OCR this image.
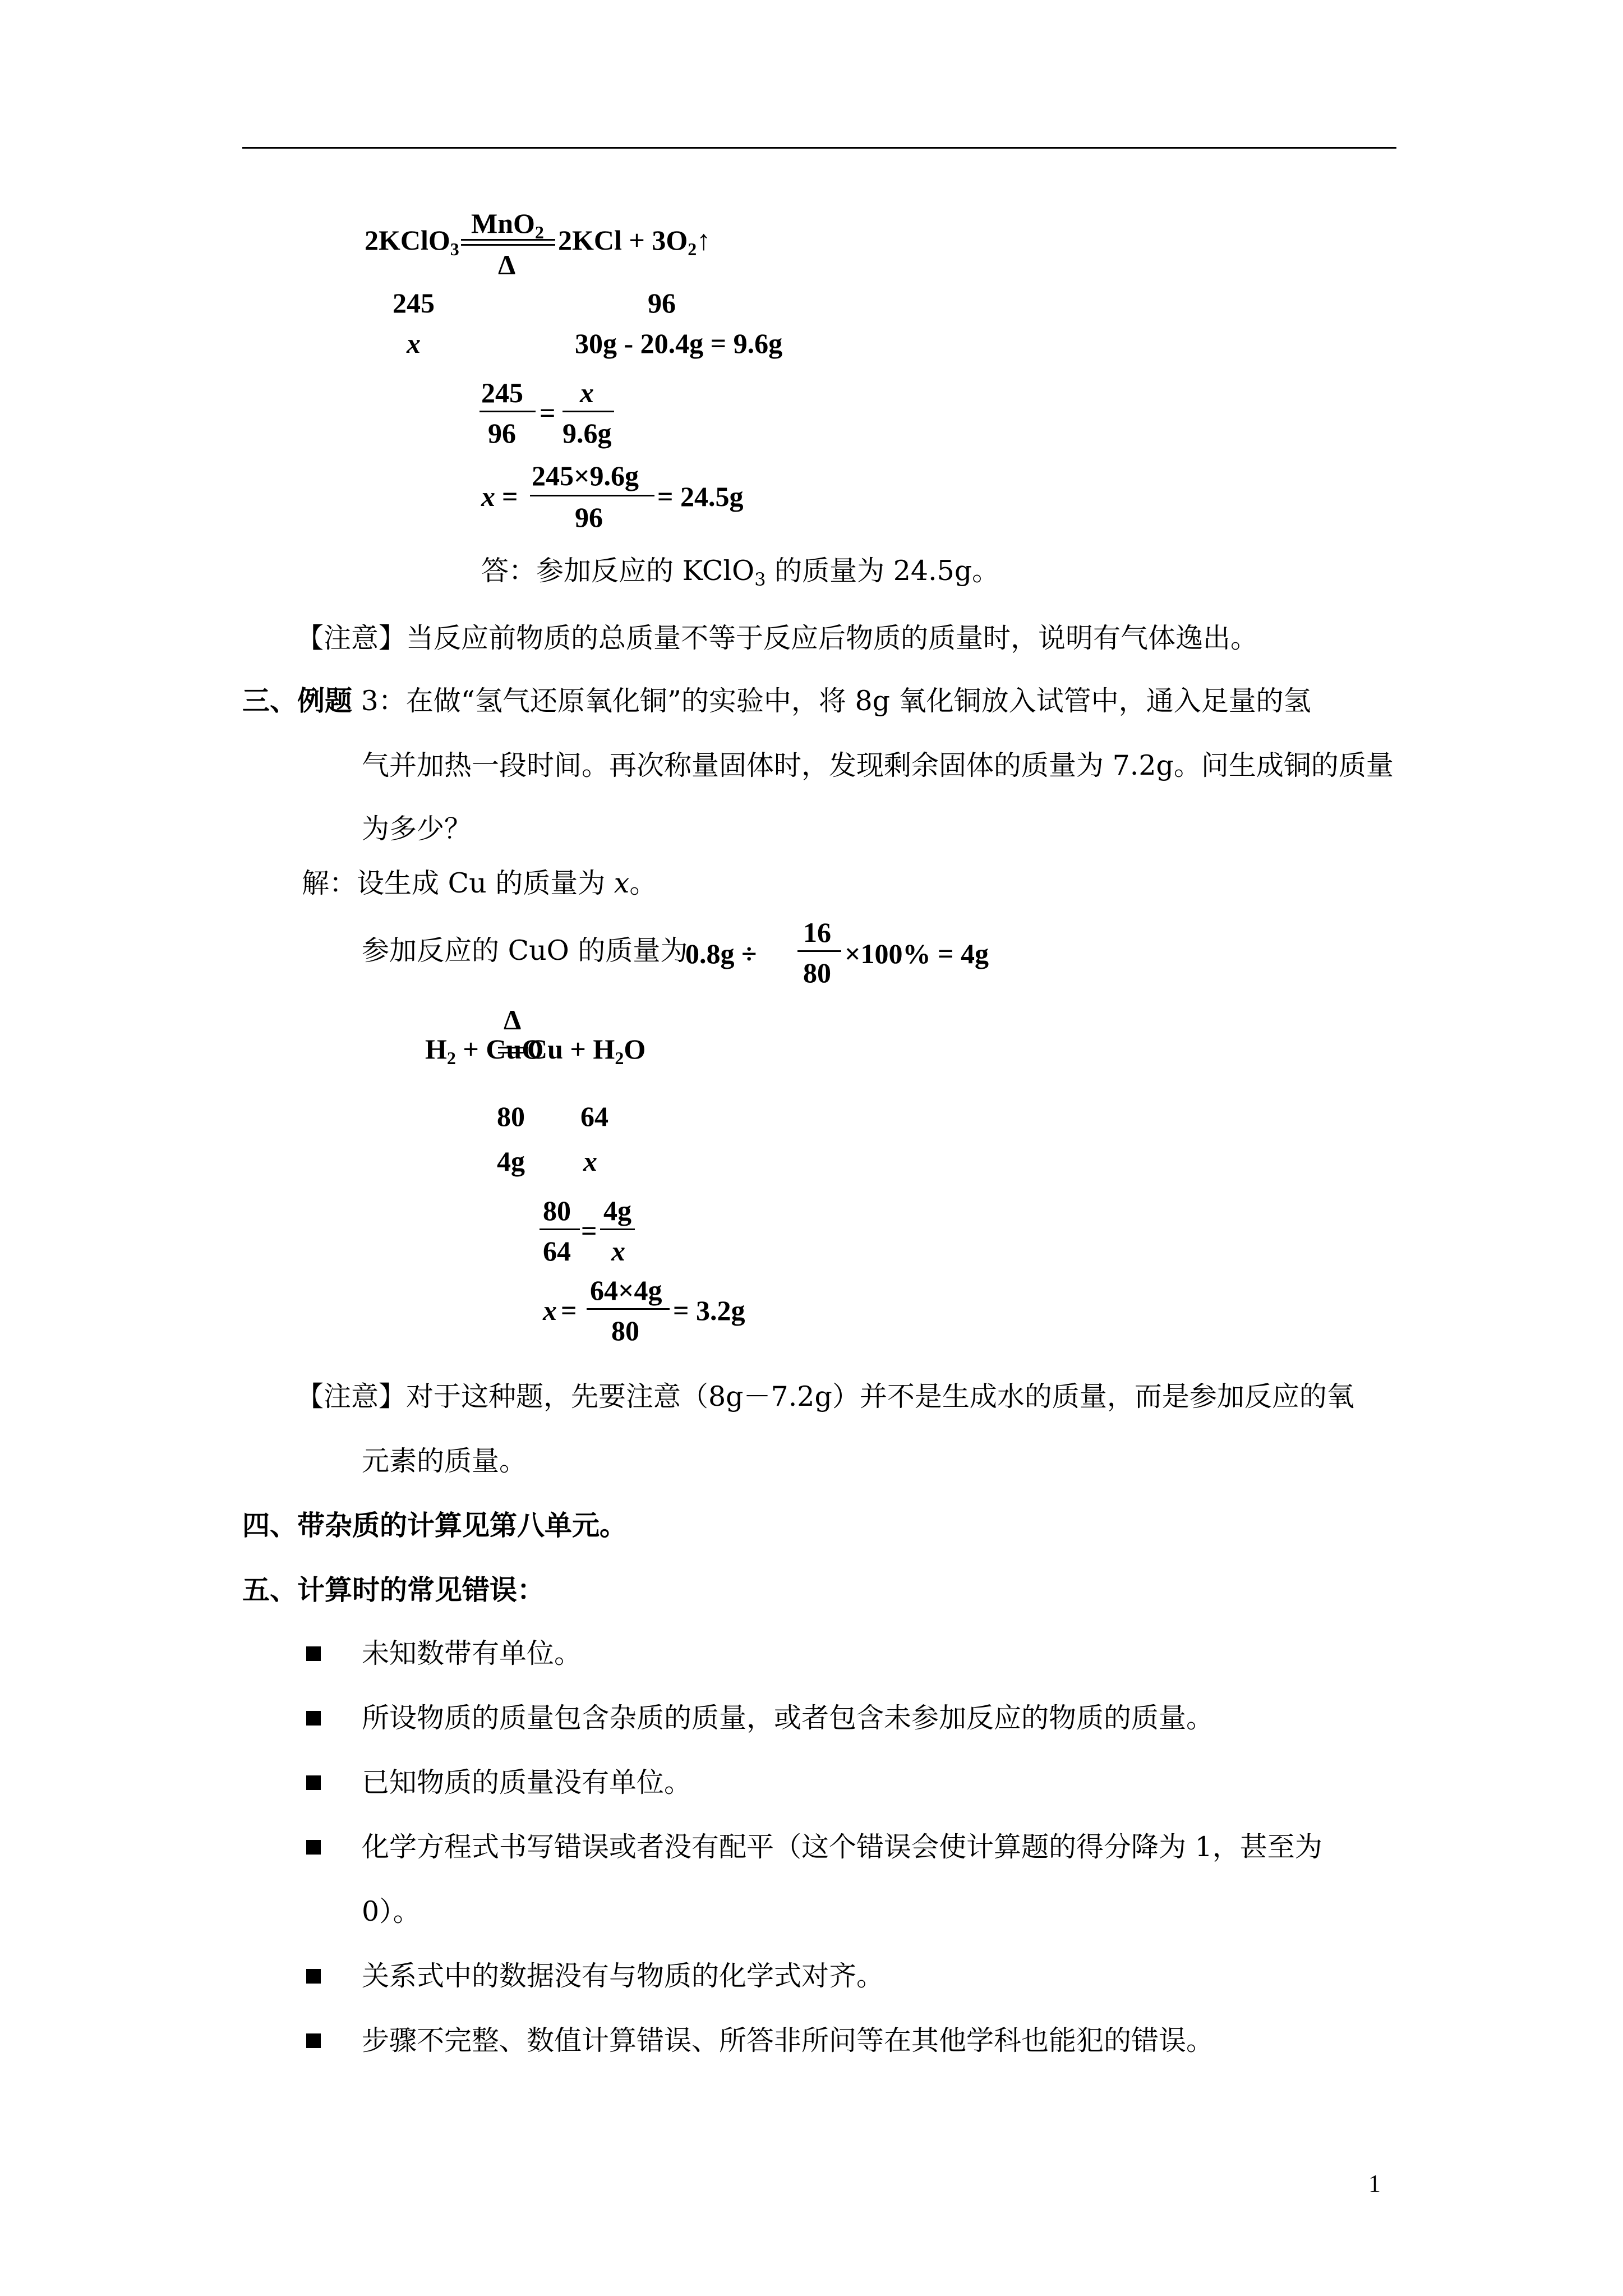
2KClO$_3$
MnO$_2$
Δ
$2KCl + 3O_2↑$
245	96
x	30g - 20.4g = 9.6g
245
96
=
x
9.6g
x =
245×9.6g
96
= 24.5g
答：参加反应的 KClO$_3$ 的质量为 24.5g。
【注意】当反应前物质的总质量不等于反应后物质的质量时，说明有气体逸出。
三、例题 3：在做“氢气还原氧化铜”的实验中，将 8g 氧化铜放入试管中，通入足量的氢
气并加热一段时间。再次称量固体时，发现剩余固体的质量为 7.2g。问生成铜的质量
为多少？
解：设生成 Cu 的质量为 x。
参加反应的 CuO 的质量为
0.8g ÷
16
80
×100% = 4g
$H_2$ + CuO
Δ
$Cu + H_2O$
80 64
4g x
80
64
=
4g
x
x =
64×4g
80
= 3.2g
【注意】对于这种题，先要注意（8g－7.2g）并不是生成水的质量，而是参加反应的氧
元素的质量。
四、带杂质的计算见第八单元。
五、计算时的常见错误：
未知数带有单位。
所设物质的质量包含杂质的质量，或者包含未参加反应的物质的质量。
已知物质的质量没有单位。
化学方程式书写错误或者没有配平（这个错误会使计算题的得分降为 1，甚至为
0）。
关系式中的数据没有与物质的化学式对齐。
步骤不完整、数值计算错误、所答非所问等在其他学科也能犯的错误。
1
